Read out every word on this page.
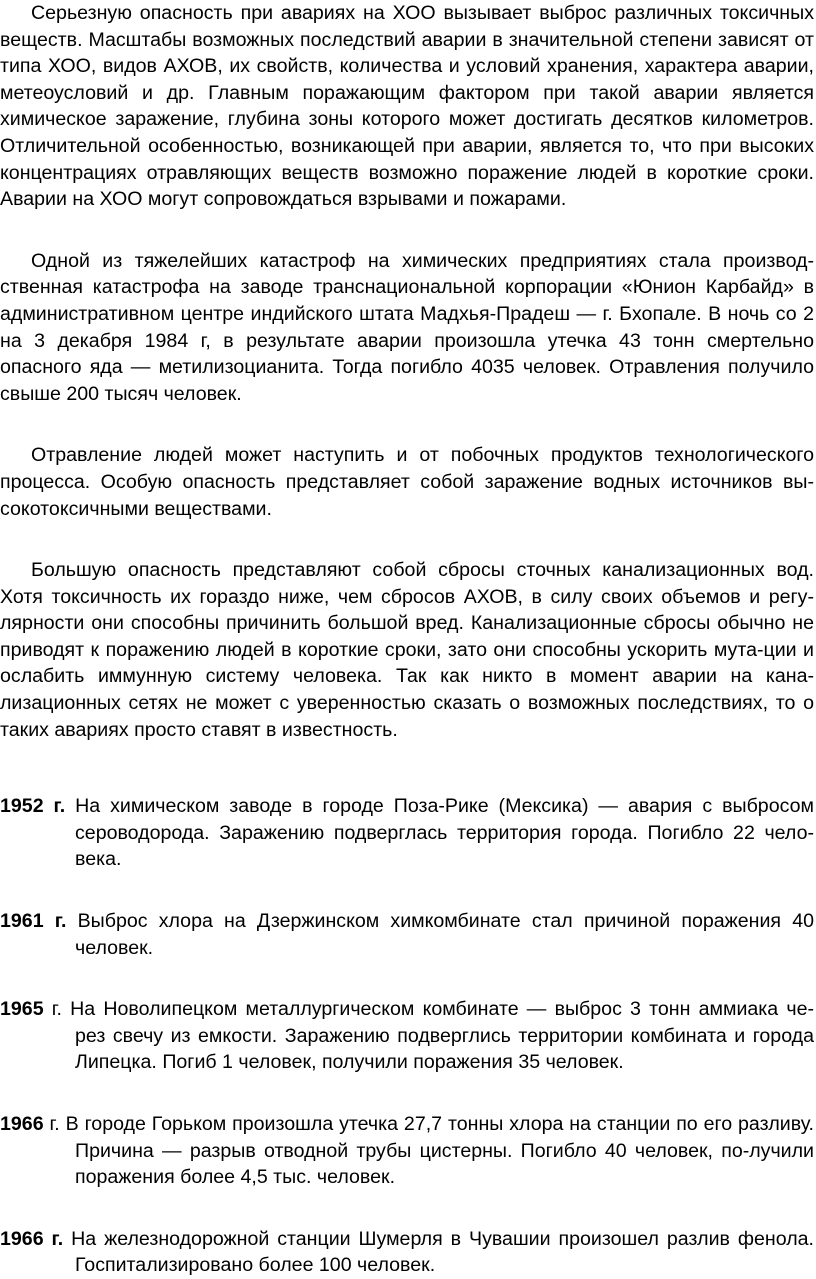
Серьезную опасность при авариях на ХОО вызывает выброс различных токсичных веществ. Масштабы возможных последствий аварии в значительной степени зависят от типа ХОО, видов АХОВ, их свойств, количества и условий хранения, характера аварии, метеоусловий и др. Главным поражающим фактором при такой аварии является химическое заражение, глубина зоны которого может достигать десятков километров. Отличительной особенностью, возникающей при аварии, является то, что при высоких концентрациях отравляющих веществ возможно поражение людей в короткие сроки. Аварии на ХОО могут сопровождаться взрывами и пожарами.

Одной из тяжелейших катастроф на химических предприятиях стала производственная катастрофа на заводе транснациональной корпорации «Юнион Карбайд» в административном центре индийского штата Мадхья-Прадеш — г. Бхопале. В ночь со 2 на 3 декабря 1984 г, в результате аварии произошла утечка 43 тонн смертельно опасного яда — метилизоцианита. Тогда погибло 4035 человек. Отравления получило свыше 200 тысяч человек.

Отравление людей может наступить и от побочных продуктов технологического процесса. Особую опасность представляет собой заражение водных источников вы-сокотоксичными веществами.

Большую опасность представляют собой сбросы сточных канализационных вод. Хотя токсичность их гораздо ниже, чем сбросов АХОВ, в силу своих объемов и регулярности они способны причинить большой вред. Канализационные сбросы обычно не приводят к поражению людей в короткие сроки, зато они способны ускорить мута-ции и ослабить иммунную систему человека. Так как никто в момент аварии на кана-лизационных сетях не может с уверенностью сказать о возможных последствиях, то о таких авариях просто ставят в известность.

1952 г. На химическом заводе в городе Поза-Рике (Мексика) — авария с выбросом сероводорода. Заражению подверглась территория города. Погибло 22 чело-века.

1961 г. Выброс хлора на Дзержинском химкомбинате стал причиной поражения 40 человек.

1965 г. На Новолипецком металлургическом комбинате — выброс 3 тонн аммиака че-рез свечу из емкости. Заражению подверглись территории комбината и города Липецка. Погиб 1 человек, получили поражения 35 человек.

1966 г. В городе Горьком произошла утечка 27,7 тонны хлора на станции по его разливу. Причина — разрыв отводной трубы цистерны. Погибло 40 человек, по-лучили поражения более 4,5 тыс. человек.

1966 г. На железнодорожной станции Шумерля в Чувашии произошел разлив фенола. Госпитализировано более 100 человек.
